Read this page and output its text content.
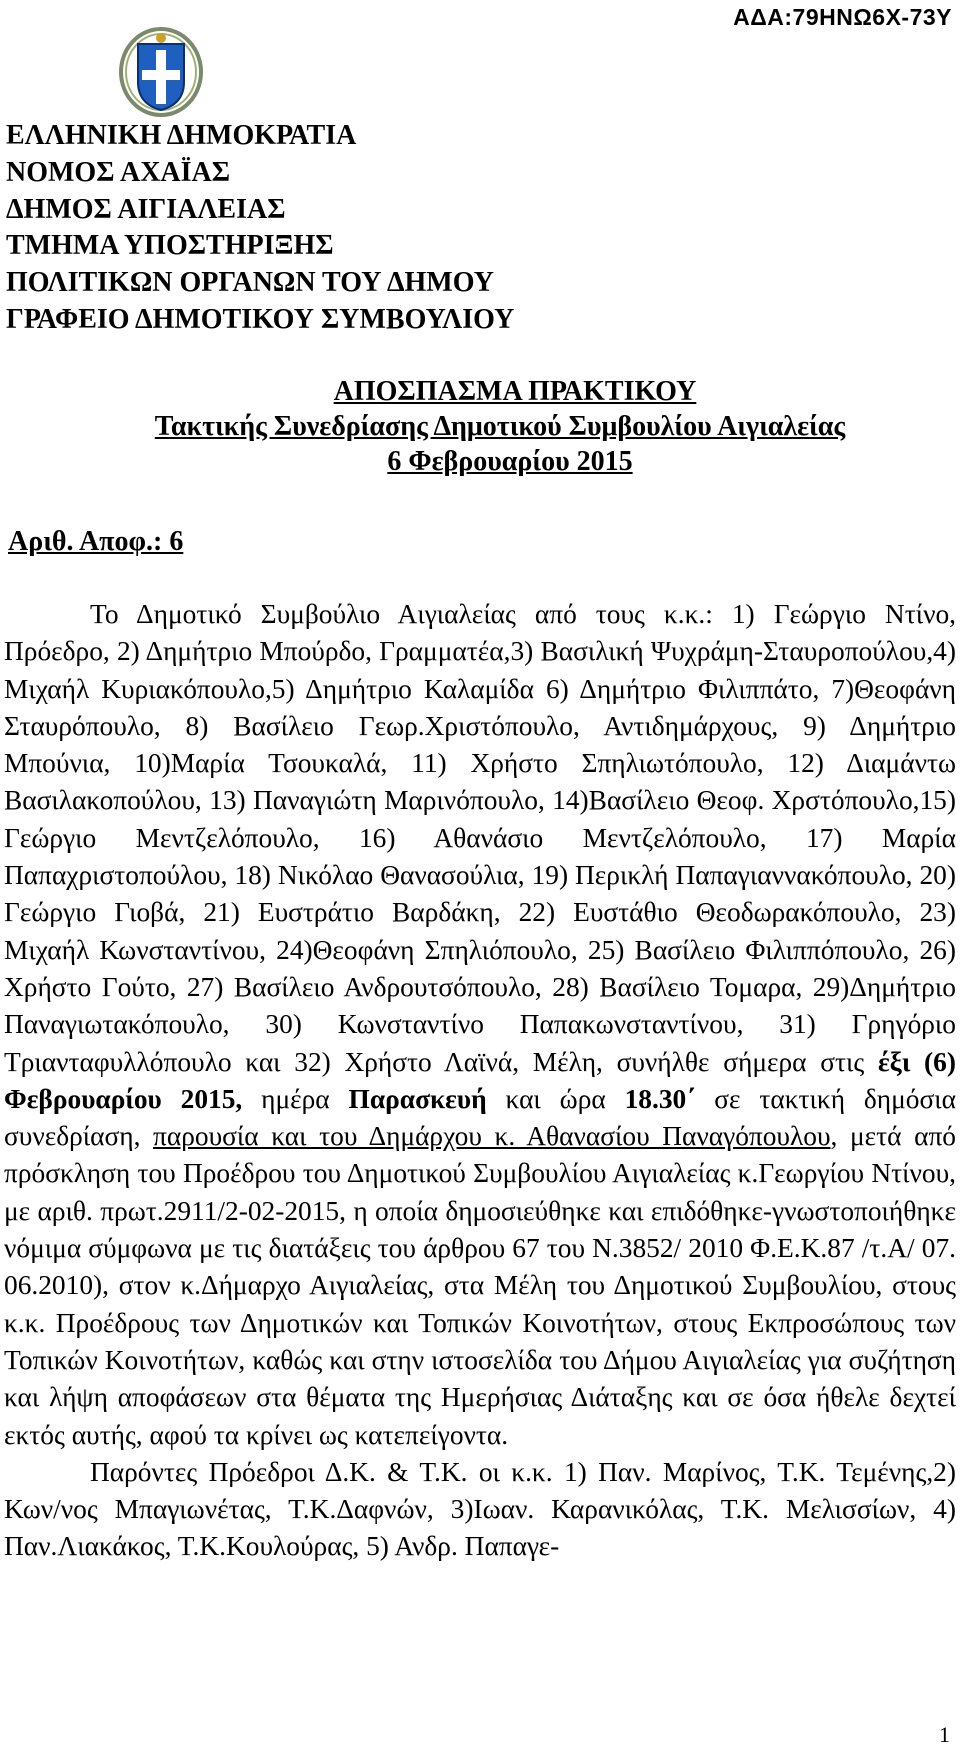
ΑΔΑ:79ΗΝΩ6Χ-73Υ
ΕΛΛΗΝΙΚΗ ΔΗΜΟΚΡΑΤΙΑ
ΝΟΜΟΣ ΑΧΑΪΑΣ
ΔΗΜΟΣ ΑΙΓΙΑΛΕΙΑΣ
ΤΜΗΜΑ ΥΠΟΣΤΗΡΙΞΗΣ
ΠΟΛΙΤΙΚΩΝ ΟΡΓΑΝΩΝ ΤΟΥ ΔΗΜΟΥ
ΓΡΑΦΕΙΟ ΔΗΜΟΤΙΚΟΥ ΣΥΜΒΟΥΛΙΟΥ
ΑΠΟΣΠΑΣΜΑ ΠΡΑΚΤΙΚΟΥ
Τακτικής Συνεδρίασης Δημοτικού Συμβουλίου Αιγιαλείας
6 Φεβρουαρίου 2015
Αριθ. Αποφ.: 6

Το Δημοτικό Συμβούλιο Αιγιαλείας από τους κ.κ.: 1) Γεώργιο Ντίνο, Πρόεδρο, 2) Δημήτριο Μπούρδο, Γραμματέα,3) Βασιλική Ψυχράμη-Σταυροπούλου,4) Μιχαήλ Κυριακόπουλο,5) Δημήτριο Καλαμίδα 6) Δημήτριο Φιλιππάτο, 7)Θεοφάνη Σταυρόπουλο, 8) Βασίλειο Γεωρ.Χριστόπουλο, Αντιδημάρχους, 9) Δημήτριο Μπούνια, 10)Μαρία Τσουκαλά, 11) Χρήστο Σπηλιωτόπουλο, 12) Διαμάντω Βασιλακοπούλου, 13) Παναγιώτη Μαρινόπουλο, 14)Βασίλειο Θεοφ. Χρστόπουλο,15) Γεώργιο Μεντζελόπουλο, 16) Αθανάσιο Μεντζελόπουλο, 17) Μαρία Παπαχριστοπούλου, 18) Νικόλαο Θανασούλια, 19) Περικλή Παπαγιαννακόπουλο, 20) Γεώργιο Γιοβά, 21) Ευστράτιο Βαρδάκη, 22) Ευστάθιο Θεοδωρακόπουλο, 23) Μιχαήλ Κωνσταντίνου, 24)Θεοφάνη Σπηλιόπουλο, 25) Βασίλειο Φιλιππόπουλο, 26) Χρήστο Γούτο, 27) Βασίλειο Ανδρουτσόπουλο, 28) Βασίλειο Τομαρα, 29)Δημήτριο Παναγιωτακόπουλο, 30) Κωνσταντίνο Παπακωνσταντίνου, 31) Γρηγόριο Τριανταφυλλόπουλο και 32) Χρήστο Λαϊνά, Μέλη, συνήλθε σήμερα στις έξι (6) Φεβρουαρίου 2015, ημέρα Παρασκευή και ώρα 18.30΄ σε τακτική δημόσια συνεδρίαση, παρουσία και του Δημάρχου κ. Αθανασίου Παναγόπουλου, μετά από πρόσκληση του Προέδρου του Δημοτικού Συμβουλίου Αιγιαλείας κ.Γεωργίου Ντίνου, με αριθ. πρωτ.2911/2-02-2015, η οποία δημοσιεύθηκε και επιδόθηκε-γνωστοποιήθηκε νόμιμα σύμφωνα με τις διατάξεις του άρθρου 67 του Ν.3852/ 2010 Φ.Ε.Κ.87 /τ.Α/ 07. 06.2010), στον κ.Δήμαρχο Αιγιαλείας, στα Μέλη του Δημοτικού Συμβουλίου, στους κ.κ. Προέδρους των Δημοτικών και Τοπικών Κοινοτήτων, στους Εκπροσώπους των Τοπικών Κοινοτήτων, καθώς και στην ιστοσελίδα του Δήμου Αιγιαλείας για συζήτηση και λήψη αποφάσεων στα θέματα της Ημερήσιας Διάταξης και σε όσα ήθελε δεχτεί εκτός αυτής, αφού τα κρίνει ως κατεπείγοντα.

Παρόντες Πρόεδροι Δ.Κ. & Τ.Κ. οι κ.κ. 1) Παν. Μαρίνος, Τ.Κ. Τεμένης,2) Κων/νος Μπαγιωνέτας, Τ.Κ.Δαφνών, 3)Ιωαν. Καρανικόλας, Τ.Κ. Μελισσίων, 4) Παν.Λιακάκος, Τ.Κ.Κουλούρας, 5) Ανδρ. Παπαγε-

1
